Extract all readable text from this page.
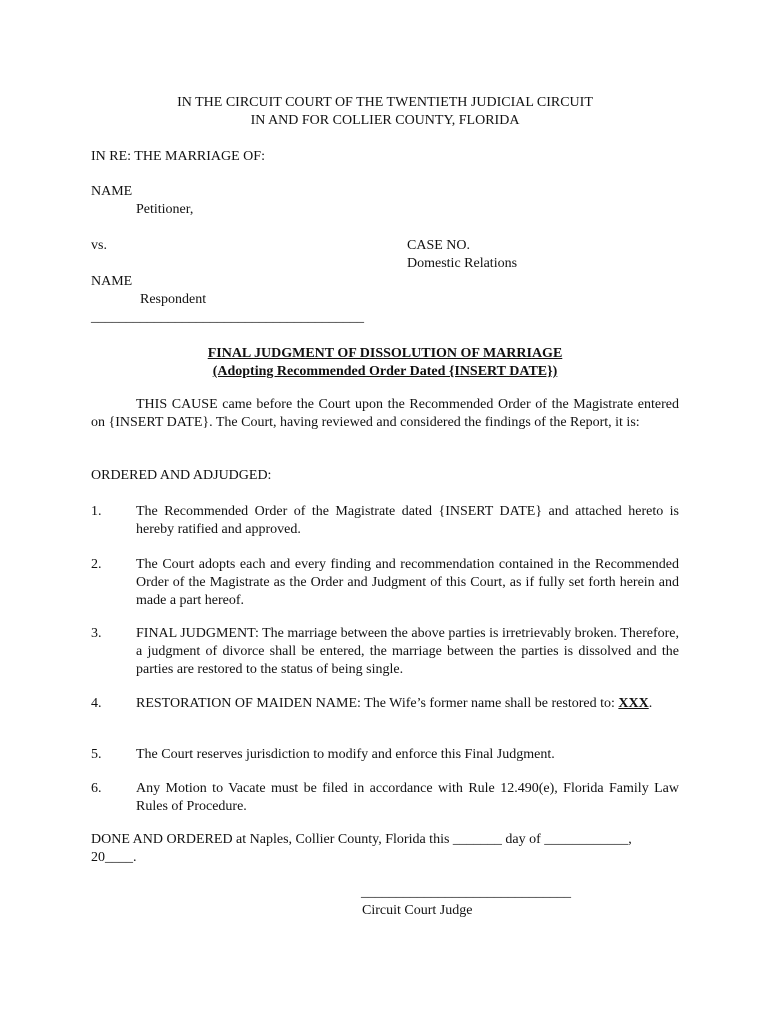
IN THE CIRCUIT COURT OF THE TWENTIETH JUDICIAL CIRCUIT

IN AND FOR COLLIER COUNTY, FLORIDA

IN RE: THE MARRIAGE OF:

NAME

Petitioner,

vs.	CASE NO.

Domestic Relations

NAME

Respondent

_______________________________________

FINAL JUDGMENT OF DISSOLUTION OF MARRIAGE

(Adopting Recommended Order Dated {INSERT DATE})

THIS CAUSE came before the Court upon the Recommended Order of the Magistrate entered on {INSERT DATE}. The Court, having reviewed and considered the findings of the Report, it is:

ORDERED AND ADJUDGED:

1. The Recommended Order of the Magistrate dated {INSERT DATE} and attached hereto is hereby ratified and approved.

2. The Court adopts each and every finding and recommendation contained in the Recommended Order of the Magistrate as the Order and Judgment of this Court, as if fully set forth herein and made a part hereof.

3. FINAL JUDGMENT: The marriage between the above parties is irretrievably broken. Therefore, a judgment of divorce shall be entered, the marriage between the parties is dissolved and the parties are restored to the status of being single.

4. RESTORATION OF MAIDEN NAME: The Wife’s former name shall be restored to: XXX.

5. The Court reserves jurisdiction to modify and enforce this Final Judgment.

6. Any Motion to Vacate must be filed in accordance with Rule 12.490(e), Florida Family Law Rules of Procedure.

DONE AND ORDERED at Naples, Collier County, Florida this _______ day of ____________,

20____.

______________________________

Circuit Court Judge
